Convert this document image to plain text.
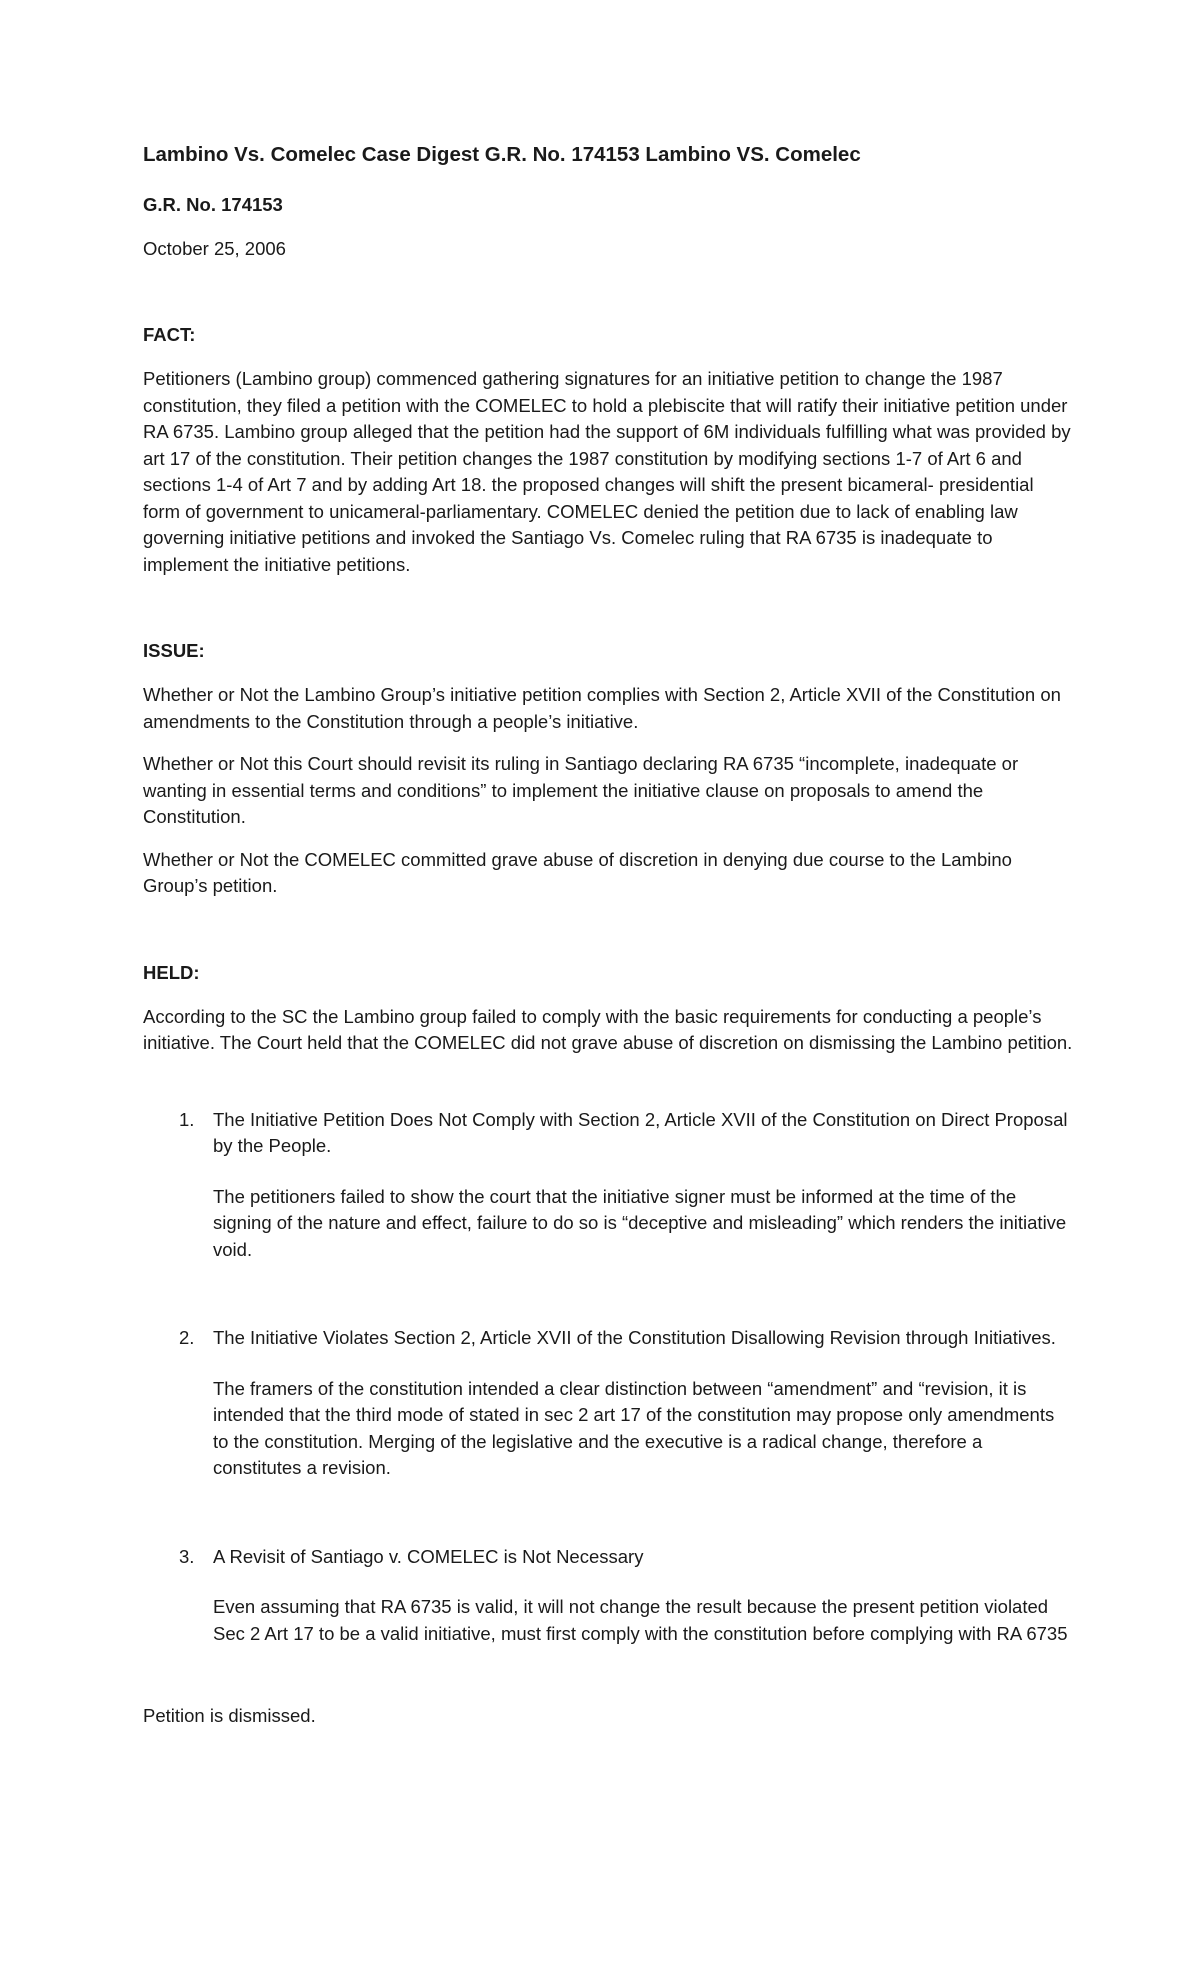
Lambino Vs. Comelec Case Digest G.R. No. 174153 Lambino VS. Comelec

G.R. No. 174153

October 25, 2006

FACT:

Petitioners (Lambino group) commenced gathering signatures for an initiative petition to change the 1987 constitution, they filed a petition with the COMELEC to hold a plebiscite that will ratify their initiative petition under RA 6735. Lambino group alleged that the petition had the support of 6M individuals fulfilling what was provided by art 17 of the constitution. Their petition changes the 1987 constitution by modifying sections 1-7 of Art 6 and sections 1-4 of Art 7 and by adding Art 18. the proposed changes will shift the present bicameral- presidential form of government to unicameral-parliamentary. COMELEC denied the petition due to lack of enabling law governing initiative petitions and invoked the Santiago Vs. Comelec ruling that RA 6735 is inadequate to implement the initiative petitions.

ISSUE:

Whether or Not the Lambino Group’s initiative petition complies with Section 2, Article XVII of the Constitution on amendments to the Constitution through a people’s initiative.

Whether or Not this Court should revisit its ruling in Santiago declaring RA 6735 “incomplete, inadequate or wanting in essential terms and conditions” to implement the initiative clause on proposals to amend the Constitution.

Whether or Not the COMELEC committed grave abuse of discretion in denying due course to the Lambino Group’s petition.

HELD:

According to the SC the Lambino group failed to comply with the basic requirements for conducting a people’s initiative. The Court held that the COMELEC did not grave abuse of discretion on dismissing the Lambino petition.

1. The Initiative Petition Does Not Comply with Section 2, Article XVII of the Constitution on Direct Proposal by the People.

The petitioners failed to show the court that the initiative signer must be informed at the time of the signing of the nature and effect, failure to do so is “deceptive and misleading” which renders the initiative void.

2. The Initiative Violates Section 2, Article XVII of the Constitution Disallowing Revision through Initiatives.

The framers of the constitution intended a clear distinction between “amendment” and “revision, it is intended that the third mode of stated in sec 2 art 17 of the constitution may propose only amendments to the constitution. Merging of the legislative and the executive is a radical change, therefore a constitutes a revision.

3. A Revisit of Santiago v. COMELEC is Not Necessary

Even assuming that RA 6735 is valid, it will not change the result because the present petition violated Sec 2 Art 17 to be a valid initiative, must first comply with the constitution before complying with RA 6735

Petition is dismissed.
